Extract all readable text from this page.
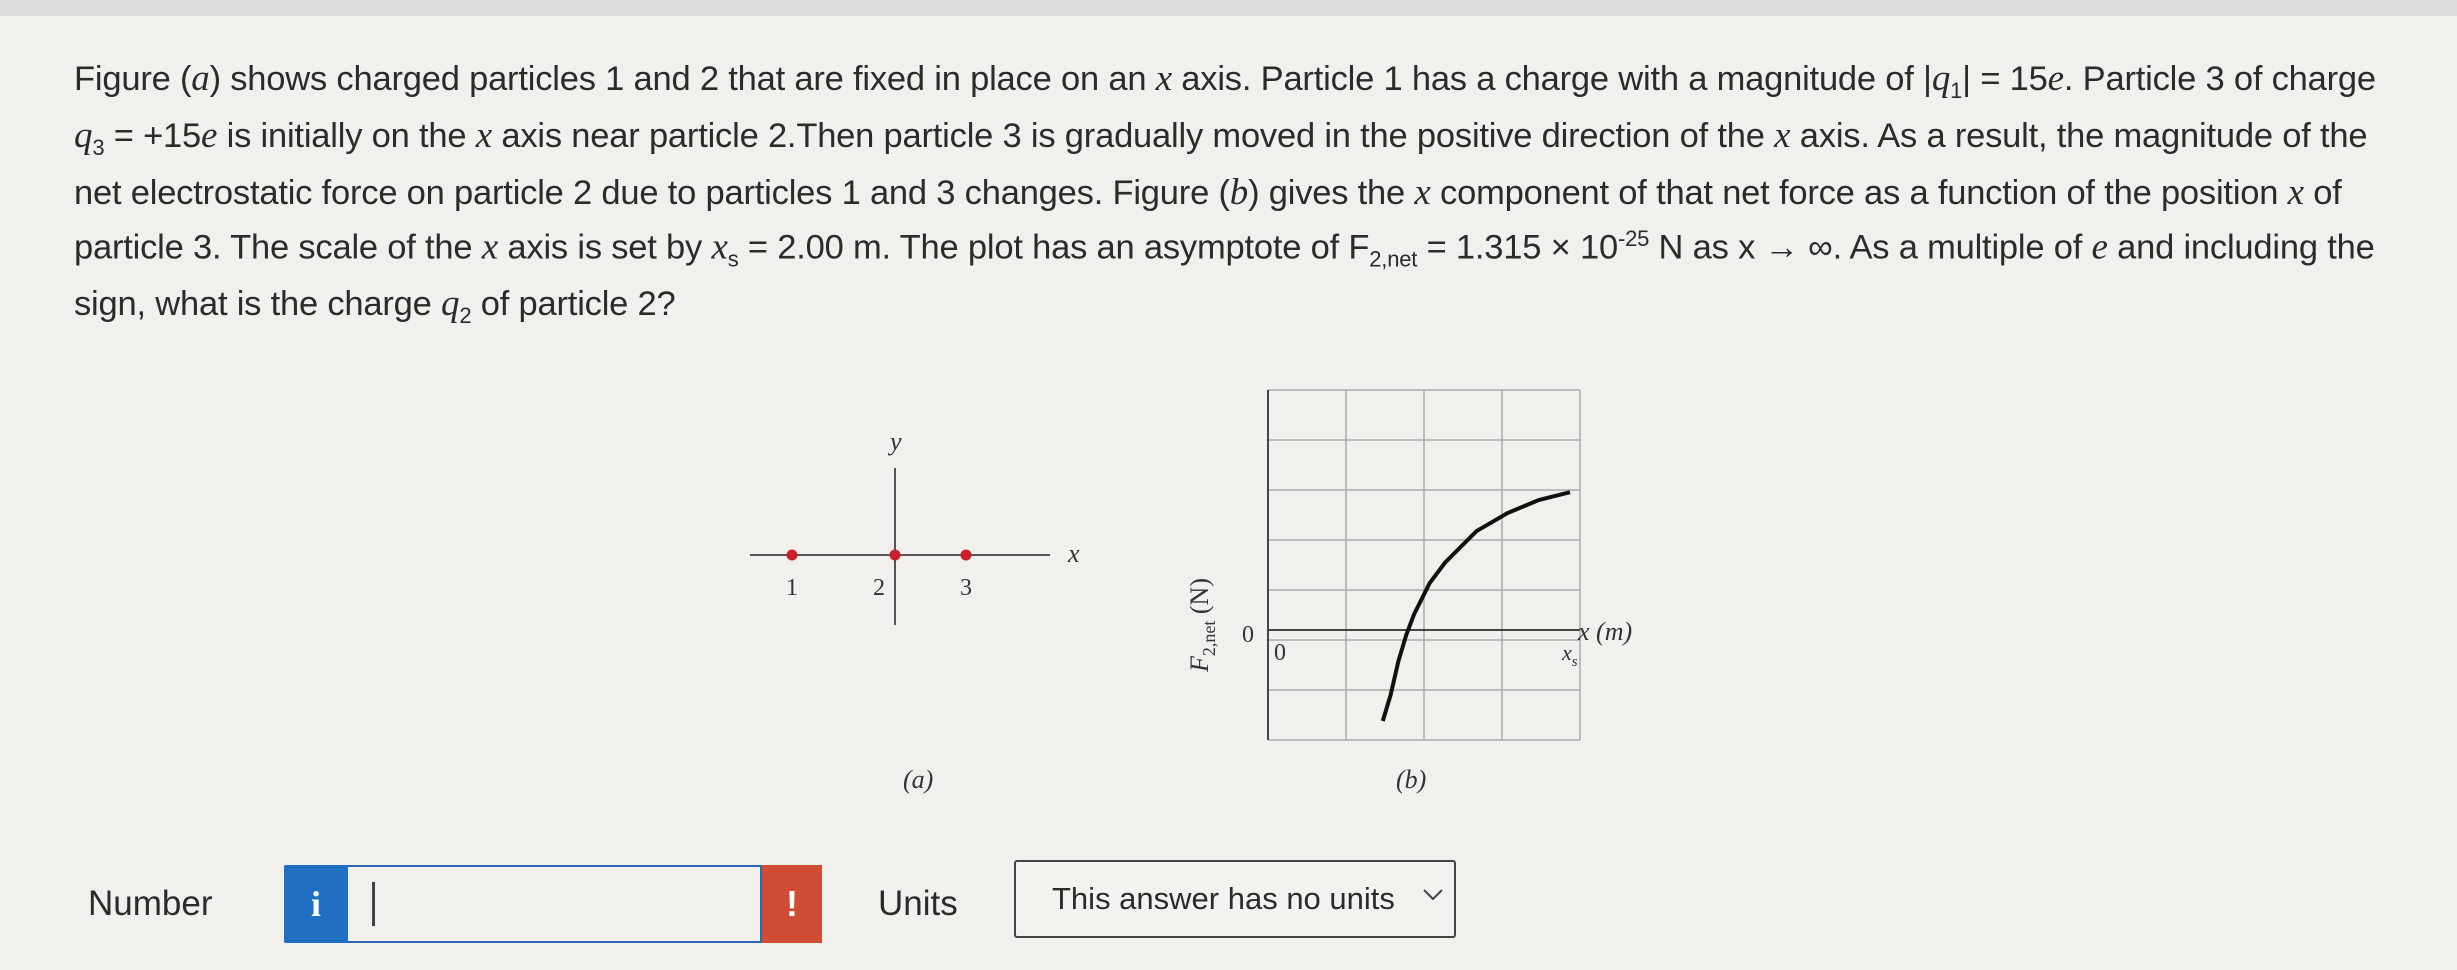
Figure (a) shows charged particles 1 and 2 that are fixed in place on an x axis. Particle 1 has a charge with a magnitude of $|q_1| = 15e$. Particle 3 of charge $q_3 = +15e$ is initially on the x axis near particle 2.Then particle 3 is gradually moved in the positive direction of the x axis. As a result, the magnitude of the net electrostatic force on particle 2 due to particles 1 and 3 changes. Figure (b) gives the x component of that net force as a function of the position x of particle 3. The scale of the x axis is set by $x_s = 2.00$ m. The plot has an asymptote of $F_{2,net} = 1.315 \times 10^{-25}$ N as x → ∞. As a multiple of e and including the sign, what is the charge $q_2$ of particle 2?
y
x
1	2	3
(a)
0
0
x (m)
$x_s$
$F_{2,net}$ (N)
(b)
Number	i	!	Units	This answer has no units
